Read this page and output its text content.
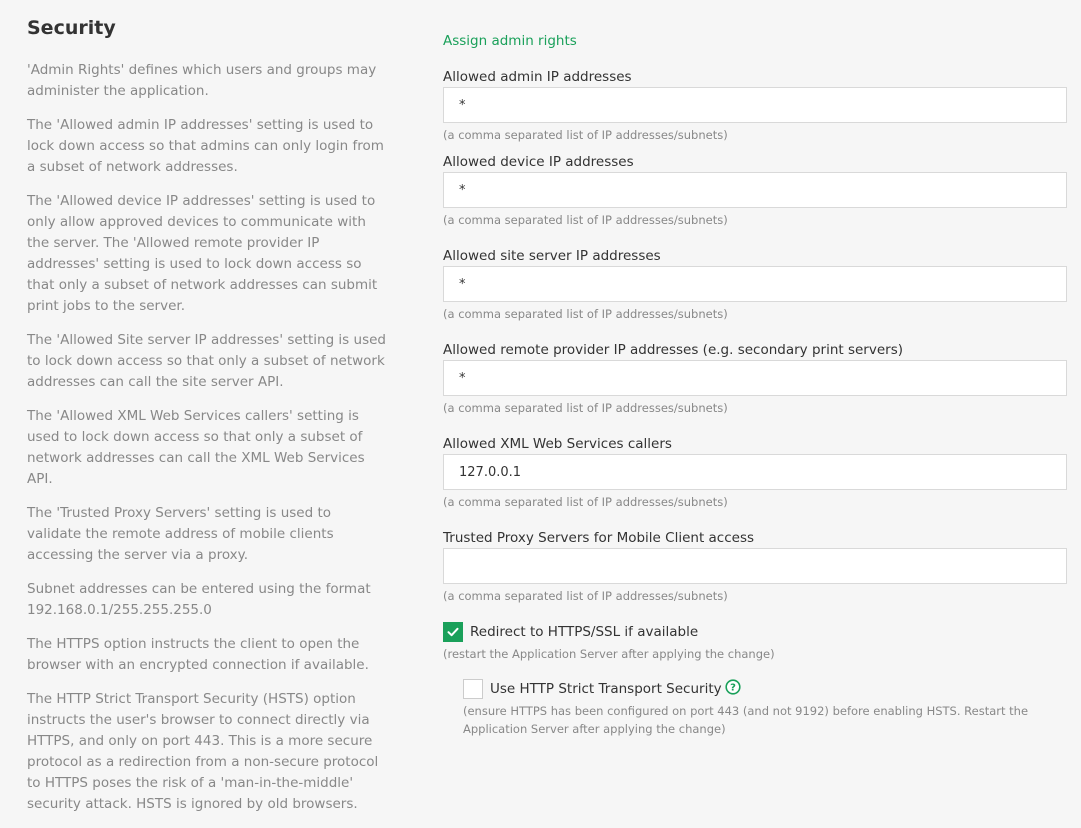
Security

'Admin Rights' defines which users and groups may administer the application.

The 'Allowed admin IP addresses' setting is used to lock down access so that admins can only login from a subset of network addresses.

The 'Allowed device IP addresses' setting is used to only allow approved devices to communicate with the server. The 'Allowed remote provider IP addresses' setting is used to lock down access so that only a subset of network addresses can submit print jobs to the server.

The 'Allowed Site server IP addresses' setting is used to lock down access so that only a subset of network addresses can call the site server API.

The 'Allowed XML Web Services callers' setting is used to lock down access so that only a subset of network addresses can call the XML Web Services API.

The 'Trusted Proxy Servers' setting is used to validate the remote address of mobile clients accessing the server via a proxy.

Subnet addresses can be entered using the format 192.168.0.1/255.255.255.0

The HTTPS option instructs the client to open the browser with an encrypted connection if available.

The HTTP Strict Transport Security (HSTS) option instructs the user's browser to connect directly via HTTPS, and only on port 443. This is a more secure protocol as a redirection from a non-secure protocol to HTTPS poses the risk of a 'man-in-the-middle' security attack. HSTS is ignored by old browsers.

Assign admin rights
Allowed admin IP addresses
*
(a comma separated list of IP addresses/subnets)
Allowed device IP addresses
*
(a comma separated list of IP addresses/subnets)
Allowed site server IP addresses
*
(a comma separated list of IP addresses/subnets)
Allowed remote provider IP addresses (e.g. secondary print servers)
*
(a comma separated list of IP addresses/subnets)
Allowed XML Web Services callers
127.0.0.1
(a comma separated list of IP addresses/subnets)
Trusted Proxy Servers for Mobile Client access
(a comma separated list of IP addresses/subnets)
Redirect to HTTPS/SSL if available
(restart the Application Server after applying the change)
Use HTTP Strict Transport Security ?
(ensure HTTPS has been configured on port 443 (and not 9192) before enabling HSTS. Restart the Application Server after applying the change)
